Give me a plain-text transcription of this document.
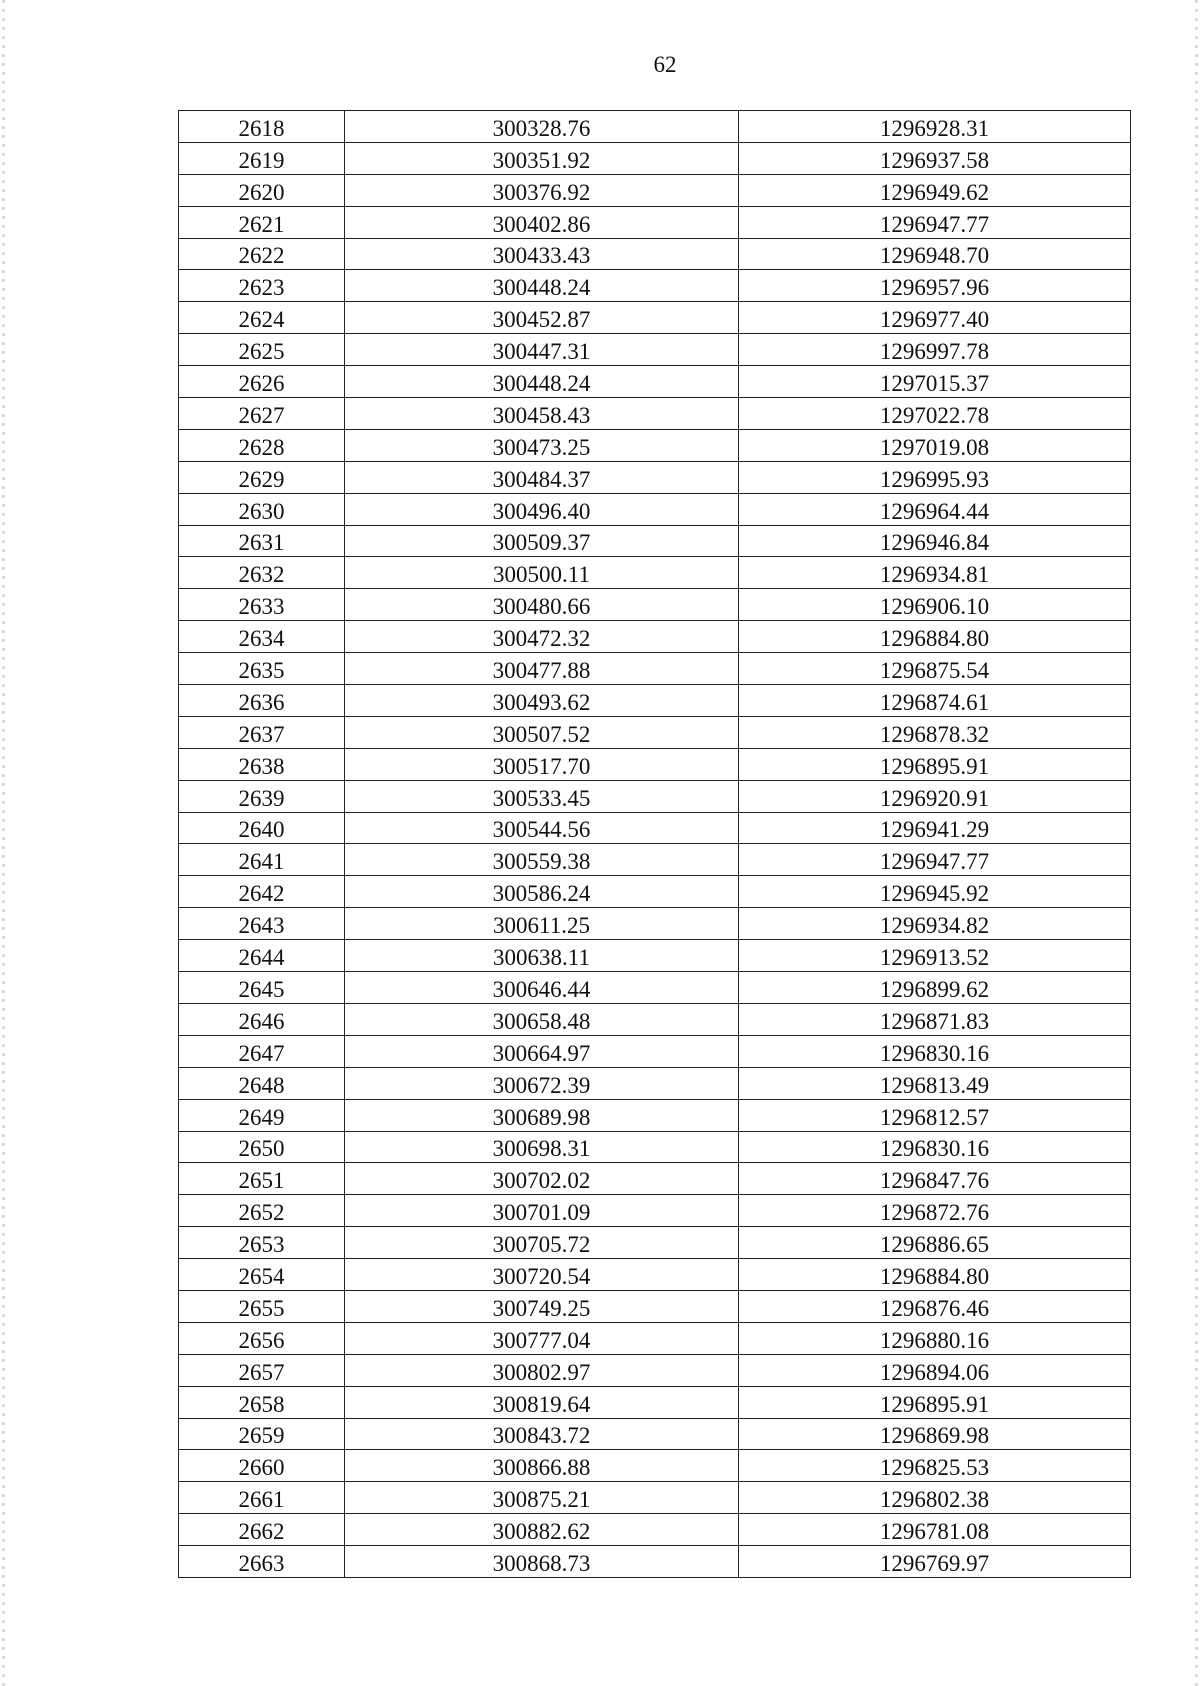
62
2618	300328.76	1296928.31
2619	300351.92	1296937.58
2620	300376.92	1296949.62
2621	300402.86	1296947.77
2622	300433.43	1296948.70
2623	300448.24	1296957.96
2624	300452.87	1296977.40
2625	300447.31	1296997.78
2626	300448.24	1297015.37
2627	300458.43	1297022.78
2628	300473.25	1297019.08
2629	300484.37	1296995.93
2630	300496.40	1296964.44
2631	300509.37	1296946.84
2632	300500.11	1296934.81
2633	300480.66	1296906.10
2634	300472.32	1296884.80
2635	300477.88	1296875.54
2636	300493.62	1296874.61
2637	300507.52	1296878.32
2638	300517.70	1296895.91
2639	300533.45	1296920.91
2640	300544.56	1296941.29
2641	300559.38	1296947.77
2642	300586.24	1296945.92
2643	300611.25	1296934.82
2644	300638.11	1296913.52
2645	300646.44	1296899.62
2646	300658.48	1296871.83
2647	300664.97	1296830.16
2648	300672.39	1296813.49
2649	300689.98	1296812.57
2650	300698.31	1296830.16
2651	300702.02	1296847.76
2652	300701.09	1296872.76
2653	300705.72	1296886.65
2654	300720.54	1296884.80
2655	300749.25	1296876.46
2656	300777.04	1296880.16
2657	300802.97	1296894.06
2658	300819.64	1296895.91
2659	300843.72	1296869.98
2660	300866.88	1296825.53
2661	300875.21	1296802.38
2662	300882.62	1296781.08
2663	300868.73	1296769.97
